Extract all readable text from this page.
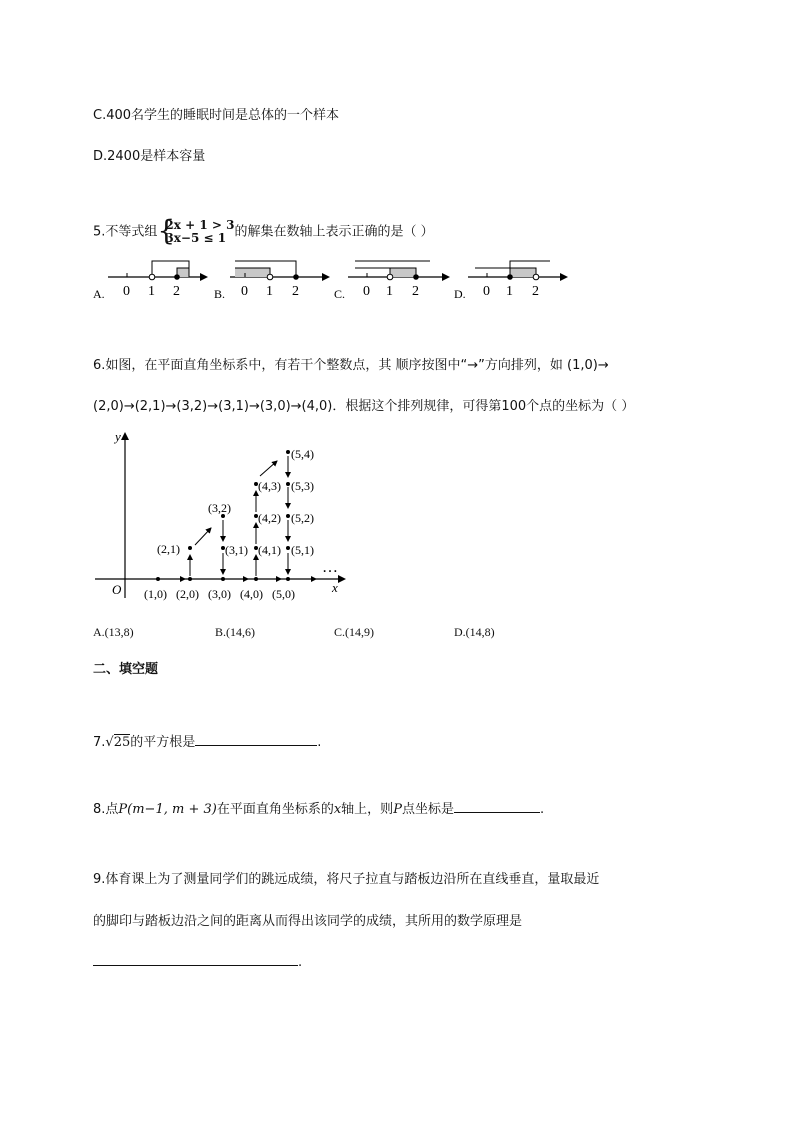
C.400名学生的睡眠时间是总体的一个样本
D.2400是样本容量
5.不等式组 {
2x + 1 > 3
3x−5 ≤ 1 的解集在数轴上表示正确的是（ ）
A. 0 1 2	B. 0 1 2	C. 0 1 2	D. 0 1 2
6.如图，在平面直角坐标系中，有若干个整数点，其 顺序按图中“→”方向排列，如 (1,0)→
(2,0)→(2,1)→(3,2)→(3,1)→(3,0)→(4,0)．根据这个排列规律，可得第100个点的坐标为（ ）
y
x
O
…
(1,0) (2,0) (3,0) (4,0) (5,0)
(2,1)	(3,1)
(3,2)
(4,1)
(4,2)
(4,3)
(5,1)
(5,2)
(5,3)
(5,4)
A.(13,8)	B.(14,6)	C.(14,9)	D.(14,8)
二、填空题
7.√25的平方根是	.
8.点P(m−1, m + 3)在平面直角坐标系的x轴上，则P点坐标是	.
9.体育课上为了测量同学们的跳远成绩，将尺子拉直与踏板边沿所在直线垂直，量取最近
的脚印与踏板边沿之间的距离从而得出该同学的成绩，其所用的数学原理是
.
